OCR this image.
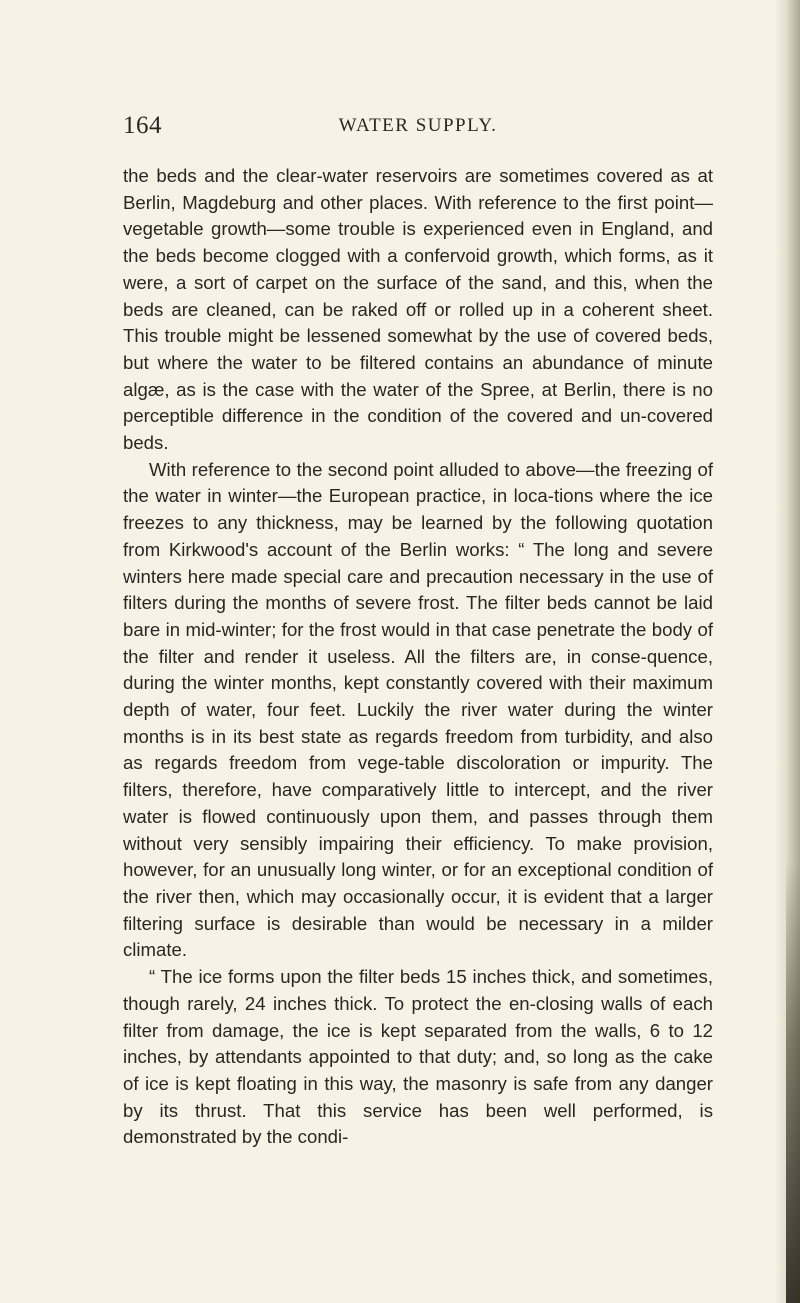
164	WATER SUPPLY.

the beds and the clear-water reservoirs are sometimes covered as at Berlin, Magdeburg and other places. With reference to the first point—vegetable growth—some trouble is experienced even in England, and the beds become clogged with a confervoid growth, which forms, as it were, a sort of carpet on the surface of the sand, and this, when the beds are cleaned, can be raked off or rolled up in a coherent sheet. This trouble might be lessened somewhat by the use of covered beds, but where the water to be filtered contains an abundance of minute algæ, as is the case with the water of the Spree, at Berlin, there is no perceptible difference in the condition of the covered and un-covered beds.

With reference to the second point alluded to above—the freezing of the water in winter—the European practice, in loca-tions where the ice freezes to any thickness, may be learned by the following quotation from Kirkwood's account of the Berlin works: “ The long and severe winters here made special care and precaution necessary in the use of filters during the months of severe frost. The filter beds cannot be laid bare in mid-winter; for the frost would in that case penetrate the body of the filter and render it useless. All the filters are, in conse-quence, during the winter months, kept constantly covered with their maximum depth of water, four feet. Luckily the river water during the winter months is in its best state as regards freedom from turbidity, and also as regards freedom from vege-table discoloration or impurity. The filters, therefore, have comparatively little to intercept, and the river water is flowed continuously upon them, and passes through them without very sensibly impairing their efficiency. To make provision, however, for an unusually long winter, or for an exceptional condition of the river then, which may occasionally occur, it is evident that a larger filtering surface is desirable than would be necessary in a milder climate.

“ The ice forms upon the filter beds 15 inches thick, and sometimes, though rarely, 24 inches thick. To protect the en-closing walls of each filter from damage, the ice is kept separated from the walls, 6 to 12 inches, by attendants appointed to that duty; and, so long as the cake of ice is kept floating in this way, the masonry is safe from any danger by its thrust. That this service has been well performed, is demonstrated by the condi-
